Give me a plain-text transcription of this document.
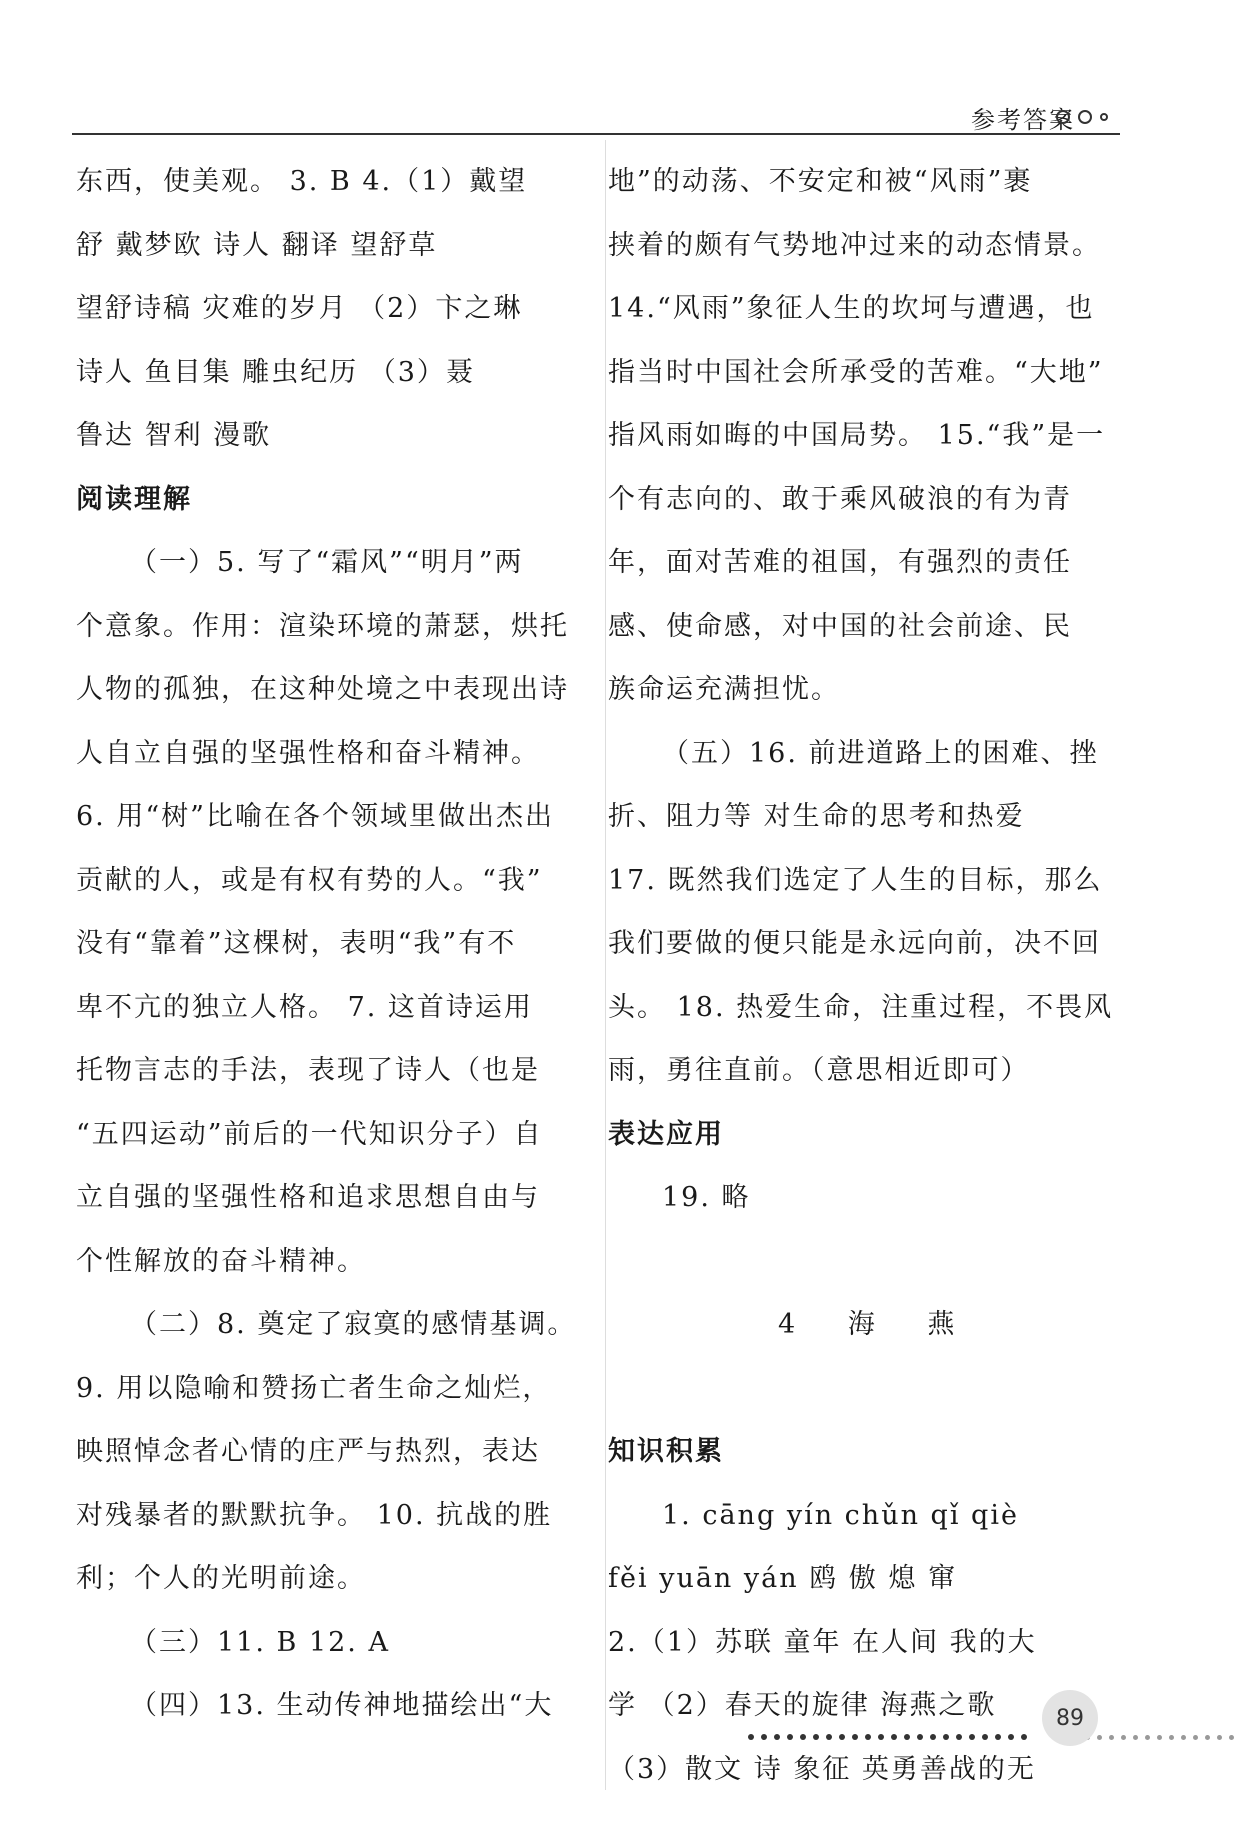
参考答案
东西，使美观。 3. B 4.（1）戴望
舒 戴梦欧 诗人 翻译 望舒草
望舒诗稿 灾难的岁月 （2）卞之琳
诗人 鱼目集 雕虫纪历 （3）聂
鲁达 智利 漫歌
阅读理解
（一）5. 写了“霜风”“明月”两
个意象。作用：渲染环境的萧瑟，烘托
人物的孤独，在这种处境之中表现出诗
人自立自强的坚强性格和奋斗精神。
6. 用“树”比喻在各个领域里做出杰出
贡献的人，或是有权有势的人。“我”
没有“靠着”这棵树，表明“我”有不
卑不亢的独立人格。 7. 这首诗运用
托物言志的手法，表现了诗人（也是
“五四运动”前后的一代知识分子）自
立自强的坚强性格和追求思想自由与
个性解放的奋斗精神。
（二）8. 奠定了寂寞的感情基调。
9. 用以隐喻和赞扬亡者生命之灿烂，
映照悼念者心情的庄严与热烈，表达
对残暴者的默默抗争。 10. 抗战的胜
利；个人的光明前途。
（三）11. B 12. A
（四）13. 生动传神地描绘出“大
地”的动荡、不安定和被“风雨”裹
挟着的颇有气势地冲过来的动态情景。
14.“风雨”象征人生的坎坷与遭遇，也
指当时中国社会所承受的苦难。“大地”
指风雨如晦的中国局势。 15.“我”是一
个有志向的、敢于乘风破浪的有为青
年，面对苦难的祖国，有强烈的责任
感、使命感，对中国的社会前途、民
族命运充满担忧。
（五）16. 前进道路上的困难、挫
折、阻力等 对生命的思考和热爱
17. 既然我们选定了人生的目标，那么
我们要做的便只能是永远向前，决不回
头。 18. 热爱生命，注重过程，不畏风
雨，勇往直前。（意思相近即可）
表达应用
19. 略
4 海 燕
知识积累
1. cāng yín chǔn qǐ qiè
fěi yuān yán 鸥 傲 熄 窜
2.（1）苏联 童年 在人间 我的大
学 （2）春天的旋律 海燕之歌
（3）散文 诗 象征 英勇善战的无
89
